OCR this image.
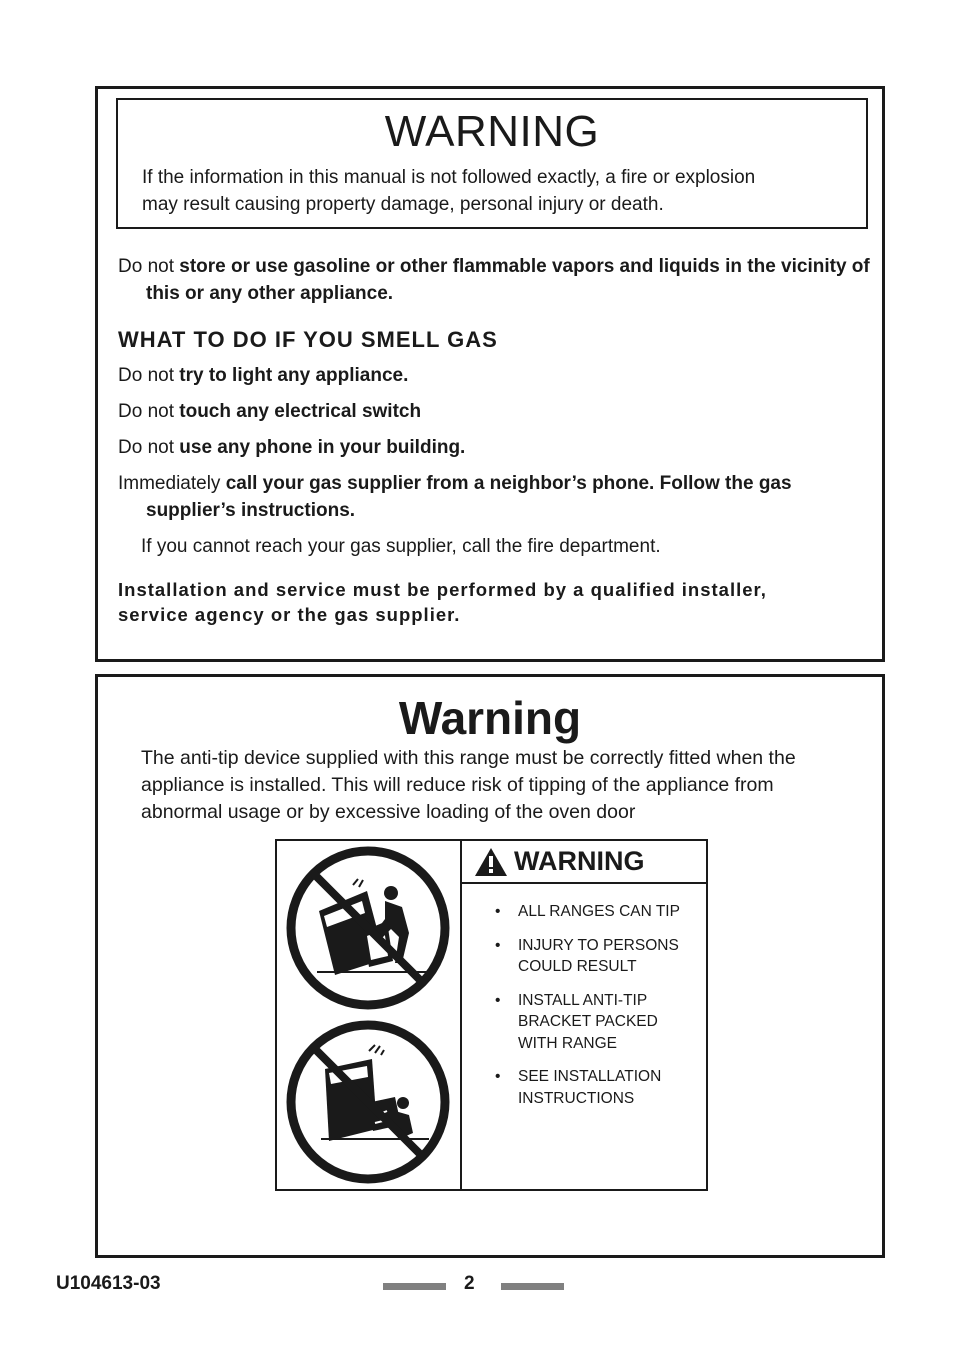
WARNING
If the information in this manual is not followed exactly, a fire or explosion
may result causing property damage, personal injury or death.
Do not store or use gasoline or other flammable vapors and liquids in the vicinity of this or any other appliance.
WHAT TO DO IF YOU SMELL GAS
Do not try to light any appliance.
Do not touch any electrical switch
Do not use any phone in your building.
Immediately call your gas supplier from a neighbor’s phone. Follow the gas supplier’s instructions.
If you cannot reach your gas supplier, call the fire department.
Installation and service must be performed by a qualified installer,
service agency or the gas supplier.
Warning
The anti-tip device supplied with this range must be correctly fitted when the
appliance is installed. This will reduce risk of tipping of the appliance from
abnormal usage or by excessive loading of the oven door
WARNING
• ALL RANGES CAN TIP
• INJURY TO PERSONS COULD RESULT
• INSTALL ANTI-TIP BRACKET PACKED WITH RANGE
• SEE INSTALLATION INSTRUCTIONS
U104613-03	2
